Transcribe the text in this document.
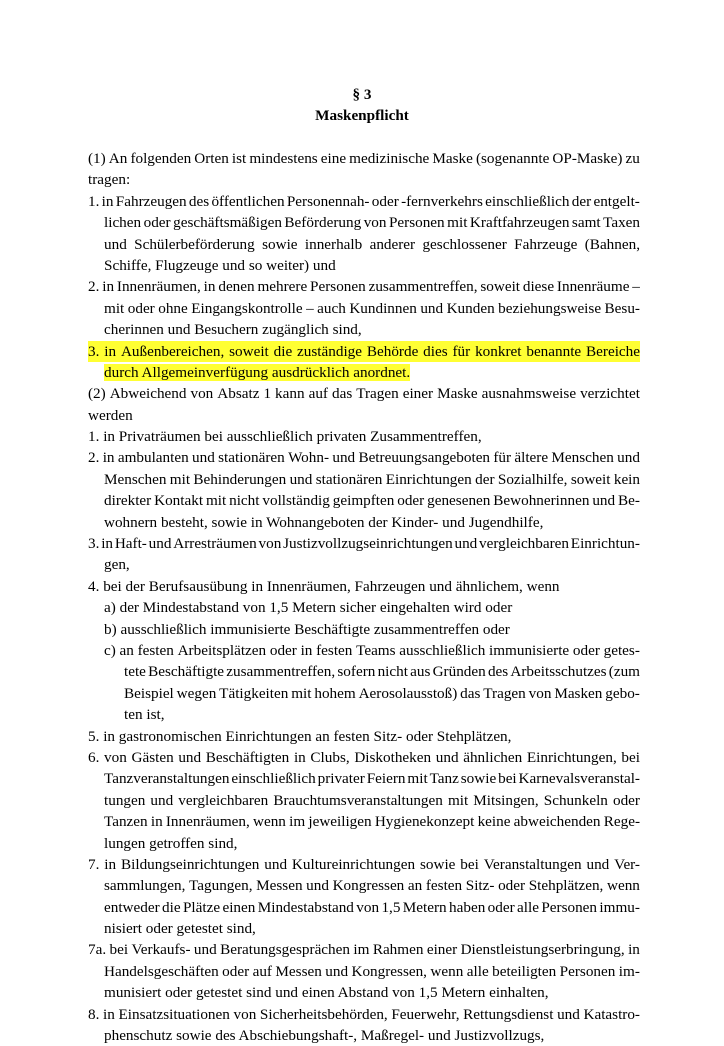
§ 3
Maskenpflicht
(1) An folgenden Orten ist mindestens eine medizinische Maske (sogenannte OP-Maske) zu
tragen:
1. in Fahrzeugen des öffentlichen Personennah- oder -fernverkehrs einschließlich der entgelt-
lichen oder geschäftsmäßigen Beförderung von Personen mit Kraftfahrzeugen samt Taxen
und Schülerbeförderung sowie innerhalb anderer geschlossener Fahrzeuge (Bahnen,
Schiffe, Flugzeuge und so weiter) und
2. in Innenräumen, in denen mehrere Personen zusammentreffen, soweit diese Innenräume –
mit oder ohne Eingangskontrolle – auch Kundinnen und Kunden beziehungsweise Besu-
cherinnen und Besuchern zugänglich sind,
3. in Außenbereichen, soweit die zuständige Behörde dies für konkret benannte Bereiche
durch Allgemeinverfügung ausdrücklich anordnet.
(2) Abweichend von Absatz 1 kann auf das Tragen einer Maske ausnahmsweise verzichtet
werden
1. in Privaträumen bei ausschließlich privaten Zusammentreffen,
2. in ambulanten und stationären Wohn- und Betreuungsangeboten für ältere Menschen und
Menschen mit Behinderungen und stationären Einrichtungen der Sozialhilfe, soweit kein
direkter Kontakt mit nicht vollständig geimpften oder genesenen Bewohnerinnen und Be-
wohnern besteht, sowie in Wohnangeboten der Kinder- und Jugendhilfe,
3. in Haft- und Arresträumen von Justizvollzugseinrichtungen und vergleichbaren Einrichtun-
gen,
4. bei der Berufsausübung in Innenräumen, Fahrzeugen und ähnlichem, wenn
a) der Mindestabstand von 1,5 Metern sicher eingehalten wird oder
b) ausschließlich immunisierte Beschäftigte zusammentreffen oder
c) an festen Arbeitsplätzen oder in festen Teams ausschließlich immunisierte oder getes-
tete Beschäftigte zusammentreffen, sofern nicht aus Gründen des Arbeitsschutzes (zum
Beispiel wegen Tätigkeiten mit hohem Aerosolausstoß) das Tragen von Masken gebo-
ten ist,
5. in gastronomischen Einrichtungen an festen Sitz- oder Stehplätzen,
6. von Gästen und Beschäftigten in Clubs, Diskotheken und ähnlichen Einrichtungen, bei
Tanzveranstaltungen einschließlich privater Feiern mit Tanz sowie bei Karnevalsveranstal-
tungen und vergleichbaren Brauchtumsveranstaltungen mit Mitsingen, Schunkeln oder
Tanzen in Innenräumen, wenn im jeweiligen Hygienekonzept keine abweichenden Rege-
lungen getroffen sind,
7. in Bildungseinrichtungen und Kultureinrichtungen sowie bei Veranstaltungen und Ver-
sammlungen, Tagungen, Messen und Kongressen an festen Sitz- oder Stehplätzen, wenn
entweder die Plätze einen Mindestabstand von 1,5 Metern haben oder alle Personen immu-
nisiert oder getestet sind,
7a. bei Verkaufs- und Beratungsgesprächen im Rahmen einer Dienstleistungserbringung, in
Handelsgeschäften oder auf Messen und Kongressen, wenn alle beteiligten Personen im-
munisiert oder getestet sind und einen Abstand von 1,5 Metern einhalten,
8. in Einsatzsituationen von Sicherheitsbehörden, Feuerwehr, Rettungsdienst und Katastro-
phenschutz sowie des Abschiebungshaft-, Maßregel- und Justizvollzugs,
